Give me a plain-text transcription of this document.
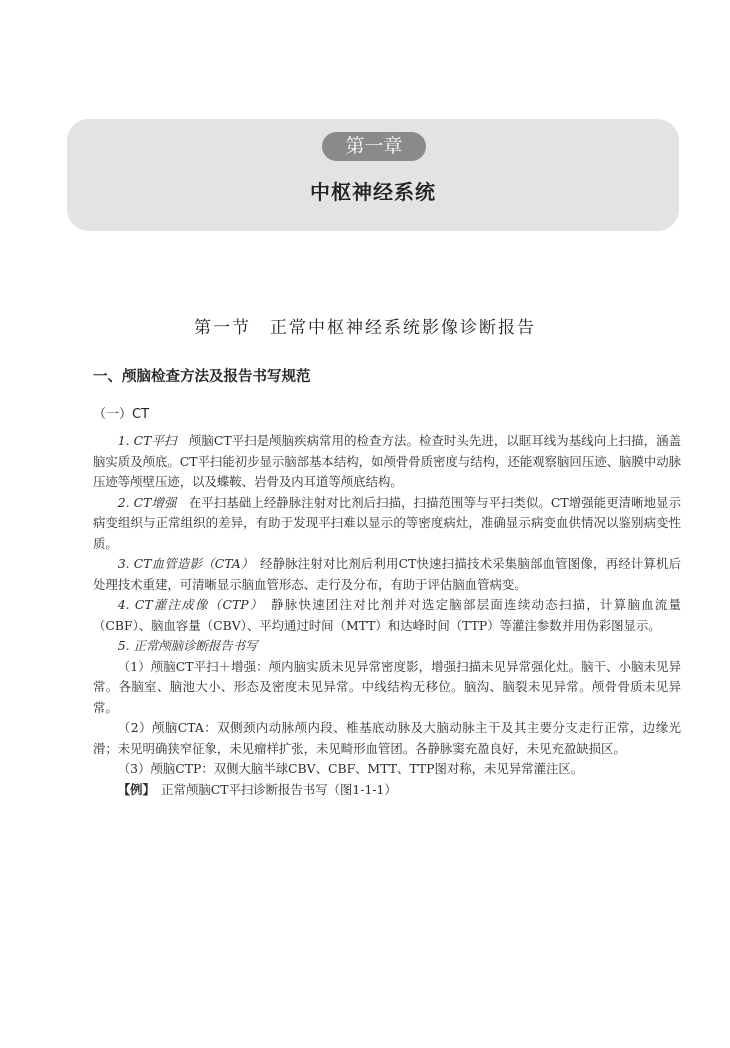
第一章
中枢神经系统
第一节　正常中枢神经系统影像诊断报告
一、颅脑检查方法及报告书写规范
（一）CT

1. CT平扫　颅脑CT平扫是颅脑疾病常用的检查方法。检查时头先进，以眶耳线为基线向上扫描，涵盖脑实质及颅底。CT平扫能初步显示脑部基本结构，如颅骨骨质密度与结构，还能观察脑回压迹、脑膜中动脉压迹等颅壁压迹，以及蝶鞍、岩骨及内耳道等颅底结构。

2. CT增强　在平扫基础上经静脉注射对比剂后扫描，扫描范围等与平扫类似。CT增强能更清晰地显示病变组织与正常组织的差异，有助于发现平扫难以显示的等密度病灶，准确显示病变血供情况以鉴别病变性质。

3. CT血管造影（CTA）　经静脉注射对比剂后利用CT快速扫描技术采集脑部血管图像，再经计算机后处理技术重建，可清晰显示脑血管形态、走行及分布，有助于评估脑血管病变。

4. CT灌注成像（CTP）　静脉快速团注对比剂并对选定脑部层面连续动态扫描，计算脑血流量（CBF）、脑血容量（CBV）、平均通过时间（MTT）和达峰时间（TTP）等灌注参数并用伪彩图显示。

5. 正常颅脑诊断报告书写

（1）颅脑CT平扫＋增强：颅内脑实质未见异常密度影，增强扫描未见异常强化灶。脑干、小脑未见异常。各脑室、脑池大小、形态及密度未见异常。中线结构无移位。脑沟、脑裂未见异常。颅骨骨质未见异常。

（2）颅脑CTA：双侧颈内动脉颅内段、椎基底动脉及大脑动脉主干及其主要分支走行正常，边缘光滑；未见明确狭窄征象，未见瘤样扩张，未见畸形血管团。各静脉窦充盈良好，未见充盈缺损区。

（3）颅脑CTP：双侧大脑半球CBV、CBF、MTT、TTP图对称，未见异常灌注区。

【例】　正常颅脑CT平扫诊断报告书写（图1-1-1）
